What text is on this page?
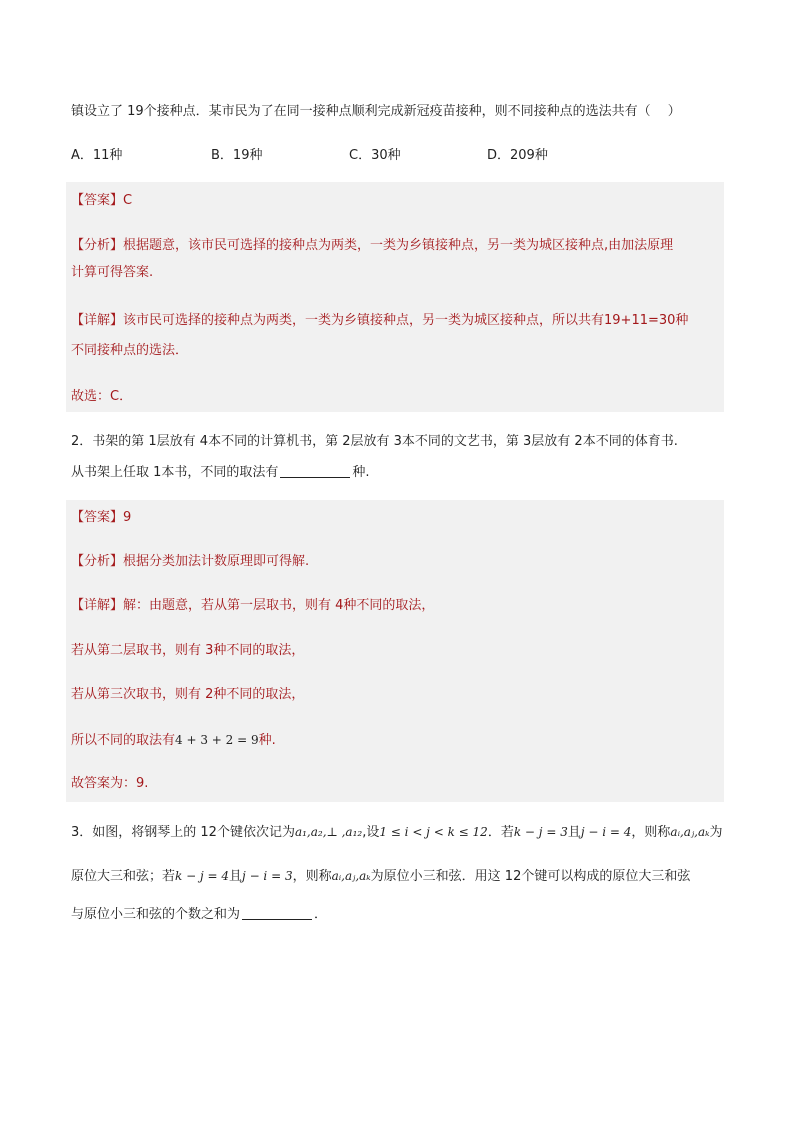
镇设立了 19个接种点．某市民为了在同一接种点顺利完成新冠疫苗接种，则不同接种点的选法共有（　 ）
A．11种	B．19种	C．30种	D．209种
【答案】C
【分析】根据题意，该市民可选择的接种点为两类，一类为乡镇接种点，另一类为城区接种点,由加法原理
计算可得答案.
【详解】该市民可选择的接种点为两类，一类为乡镇接种点，另一类为城区接种点，所以共有19+11=30种
不同接种点的选法．
故选：C．
2．书架的第 1层放有 4本不同的计算机书，第 2层放有 3本不同的文艺书，第 3层放有 2本不同的体育书.
从书架上任取 1本书，不同的取法有	种.
【答案】9
【分析】根据分类加法计数原理即可得解.
【详解】解：由题意，若从第一层取书，则有 4种不同的取法，
若从第二层取书，则有 3种不同的取法，
若从第三次取书，则有 2种不同的取法，
所以不同的取法有4 + 3 + 2 = 9种.
故答案为：9.
3．如图，将钢琴上的 12个键依次记为a₁,a₂,⊥ ,a₁₂,设1 ≤ i < j < k ≤ 12．若k − j = 3且j − i = 4，则称aᵢ,aⱼ,aₖ为
原位大三和弦；若k − j = 4且j − i = 3，则称aᵢ,aⱼ,aₖ为原位小三和弦．用这 12个键可以构成的原位大三和弦
与原位小三和弦的个数之和为	．
